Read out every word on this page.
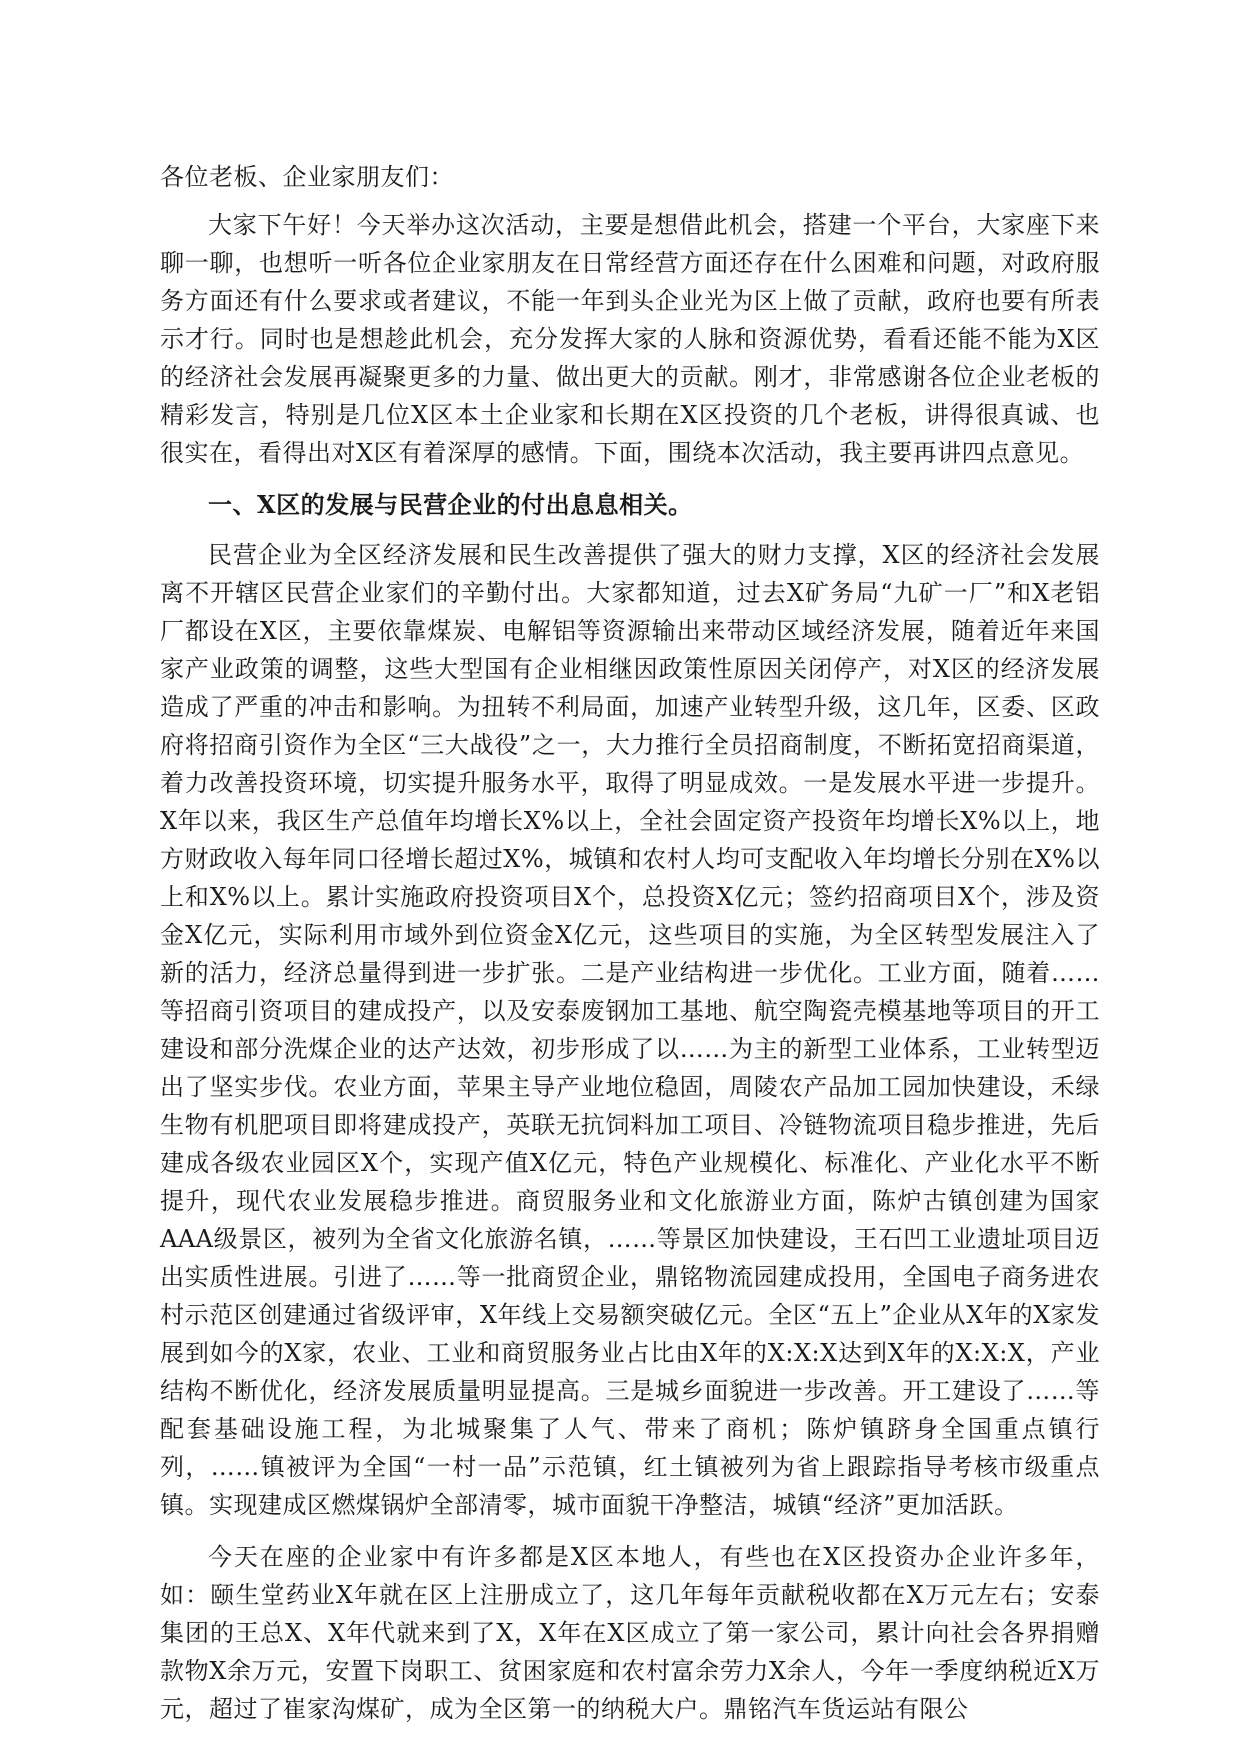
各位老板、企业家朋友们：

大家下午好！今天举办这次活动，主要是想借此机会，搭建一个平台，大家座下来聊一聊，也想听一听各位企业家朋友在日常经营方面还存在什么困难和问题，对政府服务方面还有什么要求或者建议，不能一年到头企业光为区上做了贡献，政府也要有所表示才行。同时也是想趁此机会，充分发挥大家的人脉和资源优势，看看还能不能为X区的经济社会发展再凝聚更多的力量、做出更大的贡献。刚才，非常感谢各位企业老板的精彩发言，特别是几位X区本土企业家和长期在X区投资的几个老板，讲得很真诚、也很实在，看得出对X区有着深厚的感情。下面，围绕本次活动，我主要再讲四点意见。

一、X区的发展与民营企业的付出息息相关。

民营企业为全区经济发展和民生改善提供了强大的财力支撑，X区的经济社会发展离不开辖区民营企业家们的辛勤付出。大家都知道，过去X矿务局“九矿一厂”和X老铝厂都设在X区，主要依靠煤炭、电解铝等资源输出来带动区域经济发展，随着近年来国家产业政策的调整，这些大型国有企业相继因政策性原因关闭停产，对X区的经济发展造成了严重的冲击和影响。为扭转不利局面，加速产业转型升级，这几年，区委、区政府将招商引资作为全区“三大战役”之一，大力推行全员招商制度，不断拓宽招商渠道，着力改善投资环境，切实提升服务水平，取得了明显成效。一是发展水平进一步提升。X年以来，我区生产总值年均增长X%以上，全社会固定资产投资年均增长X%以上，地方财政收入每年同口径增长超过X%，城镇和农村人均可支配收入年均增长分别在X%以上和X%以上。累计实施政府投资项目X个，总投资X亿元；签约招商项目X个，涉及资金X亿元，实际利用市域外到位资金X亿元，这些项目的实施，为全区转型发展注入了新的活力，经济总量得到进一步扩张。二是产业结构进一步优化。工业方面，随着……等招商引资项目的建成投产，以及安泰废钢加工基地、航空陶瓷壳模基地等项目的开工建设和部分洗煤企业的达产达效，初步形成了以……为主的新型工业体系，工业转型迈出了坚实步伐。农业方面，苹果主导产业地位稳固，周陵农产品加工园加快建设，禾绿生物有机肥项目即将建成投产，英联无抗饲料加工项目、冷链物流项目稳步推进，先后建成各级农业园区X个，实现产值X亿元，特色产业规模化、标准化、产业化水平不断提升，现代农业发展稳步推进。商贸服务业和文化旅游业方面，陈炉古镇创建为国家AAA级景区，被列为全省文化旅游名镇，……等景区加快建设，王石凹工业遗址项目迈出实质性进展。引进了……等一批商贸企业，鼎铭物流园建成投用，全国电子商务进农村示范区创建通过省级评审，X年线上交易额突破亿元。全区“五上”企业从X年的X家发展到如今的X家，农业、工业和商贸服务业占比由X年的X:X:X达到X年的X:X:X，产业结构不断优化，经济发展质量明显提高。三是城乡面貌进一步改善。开工建设了……等配套基础设施工程，为北城聚集了人气、带来了商机；陈炉镇跻身全国重点镇行列，……镇被评为全国“一村一品”示范镇，红土镇被列为省上跟踪指导考核市级重点镇。实现建成区燃煤锅炉全部清零，城市面貌干净整洁，城镇“经济”更加活跃。

今天在座的企业家中有许多都是X区本地人，有些也在X区投资办企业许多年，如：颐生堂药业X年就在区上注册成立了，这几年每年贡献税收都在X万元左右；安泰集团的王总X、X年代就来到了X，X年在X区成立了第一家公司，累计向社会各界捐赠款物X余万元，安置下岗职工、贫困家庭和农村富余劳力X余人，今年一季度纳税近X万元，超过了崔家沟煤矿，成为全区第一的纳税大户。鼎铭汽车货运站有限公
